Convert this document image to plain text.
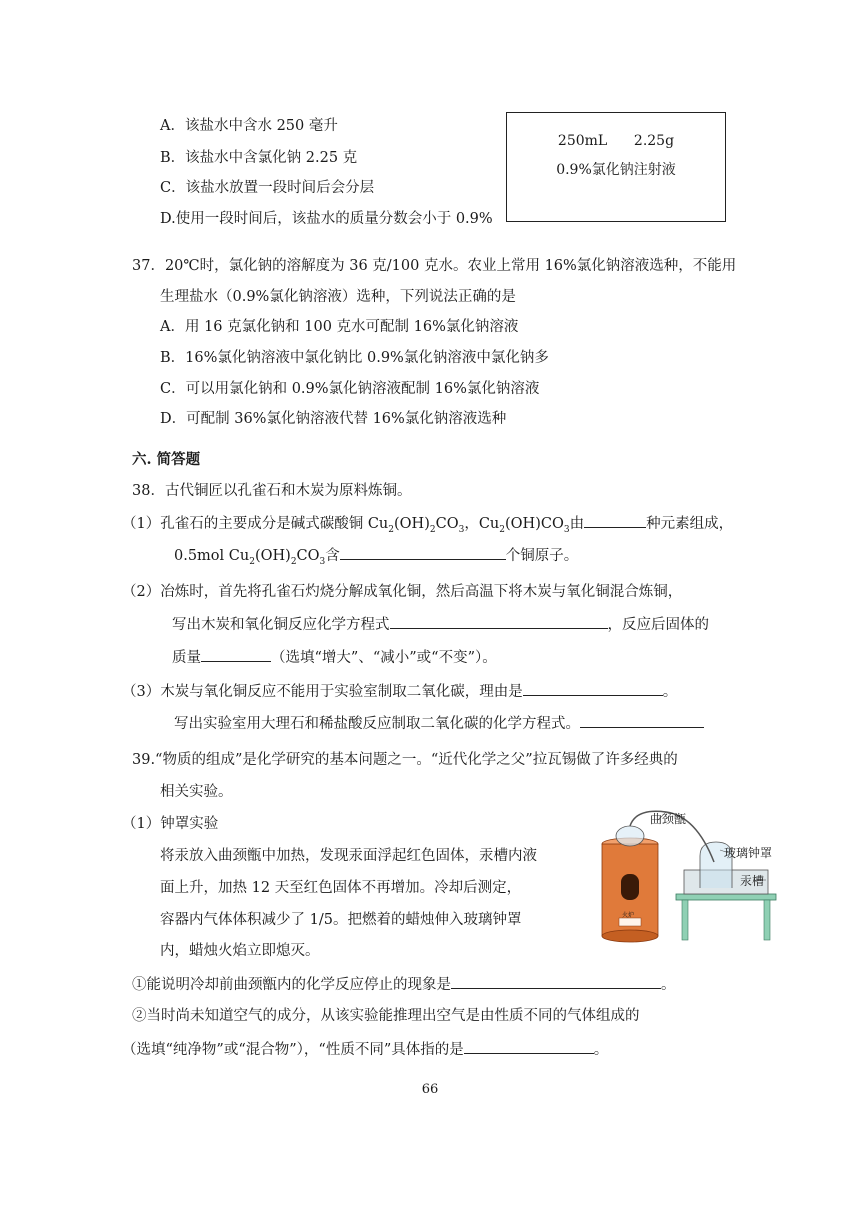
A．该盐水中含水 250 毫升
B．该盐水中含氯化钠 2.25 克
C．该盐水放置一段时间后会分层
D.使用一段时间后，该盐水的质量分数会小于 0.9%
250mL      2.25g
0.9%氯化钠注射液
37．20℃时，氯化钠的溶解度为 36 克/100 克水。农业上常用 16%氯化钠溶液选种，不能用
生理盐水（0.9%氯化钠溶液）选种，下列说法正确的是
A．用 16 克氯化钠和 100 克水可配制 16%氯化钠溶液
B．16%氯化钠溶液中氯化钠比 0.9%氯化钠溶液中氯化钠多
C．可以用氯化钠和 0.9%氯化钠溶液配制 16%氯化钠溶液
D．可配制 36%氯化钠溶液代替 16%氯化钠溶液选种
六. 简答题
38．古代铜匠以孔雀石和木炭为原料炼铜。
（1）孔雀石的主要成分是碱式碳酸铜 $Cu_2(OH)_2CO_3$，$Cu_2(OH)CO_3$由	种元素组成，
0.5mol $Cu_2(OH)_2CO_3$含	个铜原子。
（2）冶炼时，首先将孔雀石灼烧分解成氧化铜，然后高温下将木炭与氧化铜混合炼铜，
写出木炭和氧化铜反应化学方程式	，反应后固体的
质量	（选填“增大”、“减小”或“不变”）。
（3）木炭与氧化铜反应不能用于实验室制取二氧化碳，理由是	。
写出实验室用大理石和稀盐酸反应制取二氧化碳的化学方程式。
39.“物质的组成”是化学研究的基本问题之一。“近代化学之父”拉瓦锡做了许多经典的
相关实验。
（1）钟罩实验
将汞放入曲颈甑中加热，发现汞面浮起红色固体，汞槽内液
面上升，加热 12 天至红色固体不再增加。冷却后测定，
容器内气体体积减少了 1/5。把燃着的蜡烛伸入玻璃钟罩
内，蜡烛火焰立即熄灭。
①能说明冷却前曲颈甑内的化学反应停止的现象是	。
②当时尚未知道空气的成分，从该实验能推理出空气是由性质不同的气体组成的
（选填“纯净物”或“混合物”），“性质不同”具体指的是	。
曲颈甑
玻璃钟罩
汞槽
火炉
66
